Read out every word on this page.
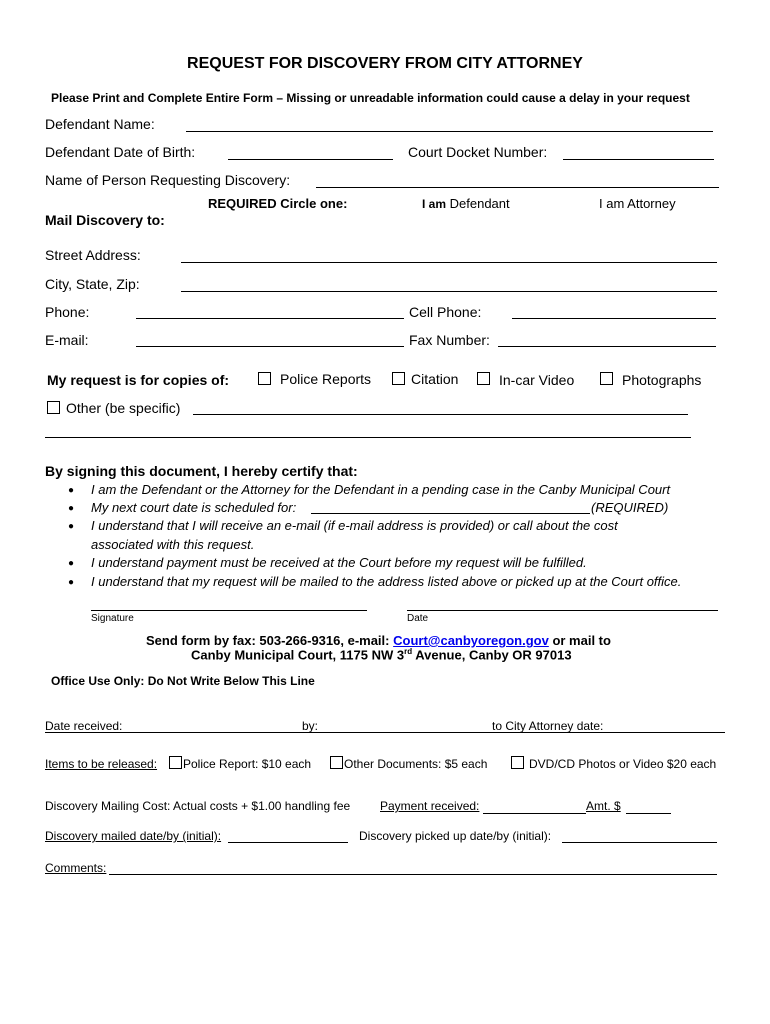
REQUEST FOR DISCOVERY FROM CITY ATTORNEY
Please Print and Complete Entire Form – Missing or unreadable information could cause a delay in your request
Defendant Name:
Defendant Date of Birth:	Court Docket Number:
Name of Person Requesting Discovery:
REQUIRED Circle one:	I am Defendant	I am Attorney
Mail Discovery to:
Street Address:
City, State, Zip:
Phone:	Cell Phone:
E-mail:	Fax Number:
My request is for copies of:	Police Reports	Citation	In-car Video	Photographs
Other (be specific)
By signing this document, I hereby certify that:
● I am the Defendant or the Attorney for the Defendant in a pending case in the Canby Municipal Court
● My next court date is scheduled for:	(REQUIRED)
● I understand that I will receive an e-mail (if e-mail address is provided) or call about the cost
associated with this request.
● I understand payment must be received at the Court before my request will be fulfilled.
● I understand that my request will be mailed to the address listed above or picked up at the Court office.
Signature	Date
Send form by fax: 503-266-9316, e-mail: Court@canbyoregon.gov or mail to
Canby Municipal Court, 1175 NW 3rd Avenue, Canby OR 97013
Office Use Only: Do Not Write Below This Line
Date received:	by:	to City Attorney date:
Items to be released: Police Report: $10 each	Other Documents: $5 each	DVD/CD Photos or Video $20 each
Discovery Mailing Cost: Actual costs + $1.00 handling fee Payment received:	Amt. $
Discovery mailed date/by (initial):	Discovery picked up date/by (initial):
Comments:
